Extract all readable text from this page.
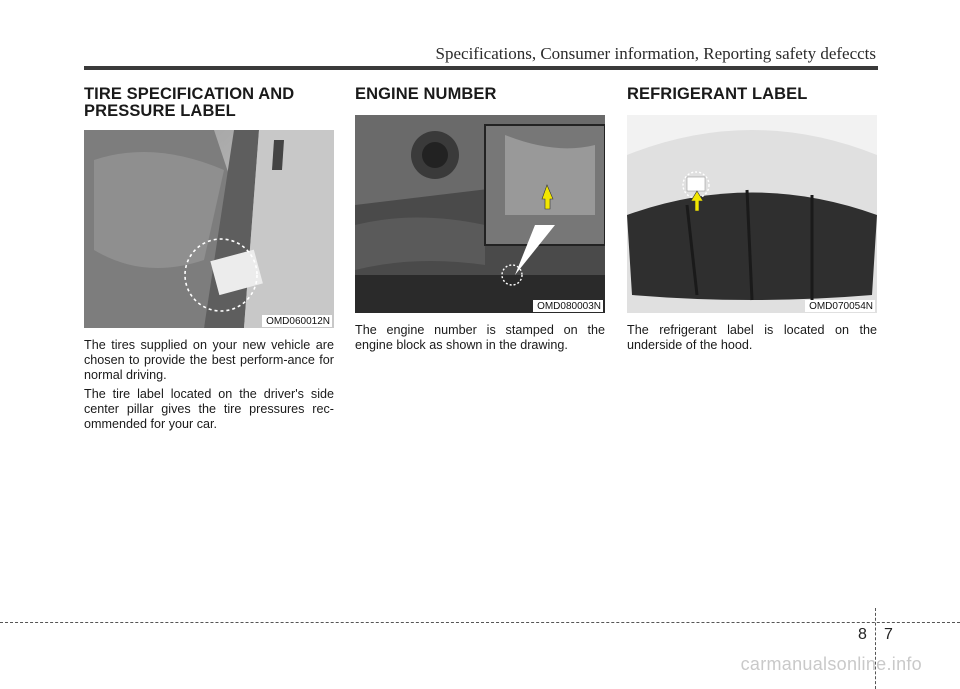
Specifications, Consumer information, Reporting safety defeccts
TIRE SPECIFICATION AND
PRESSURE LABEL
OMD060012N

The tires supplied on your new vehicle are chosen to provide the best perform-ance for normal driving.

The tire label located on the driver's side center pillar gives the tire pressures rec-ommended for your car.

ENGINE NUMBER
OMD080003N

The engine number is stamped on the engine block as shown in the drawing.

REFRIGERANT LABEL
OMD070054N

The refrigerant label is located on the underside of the hood.

8 7
carmanualsonline.info
